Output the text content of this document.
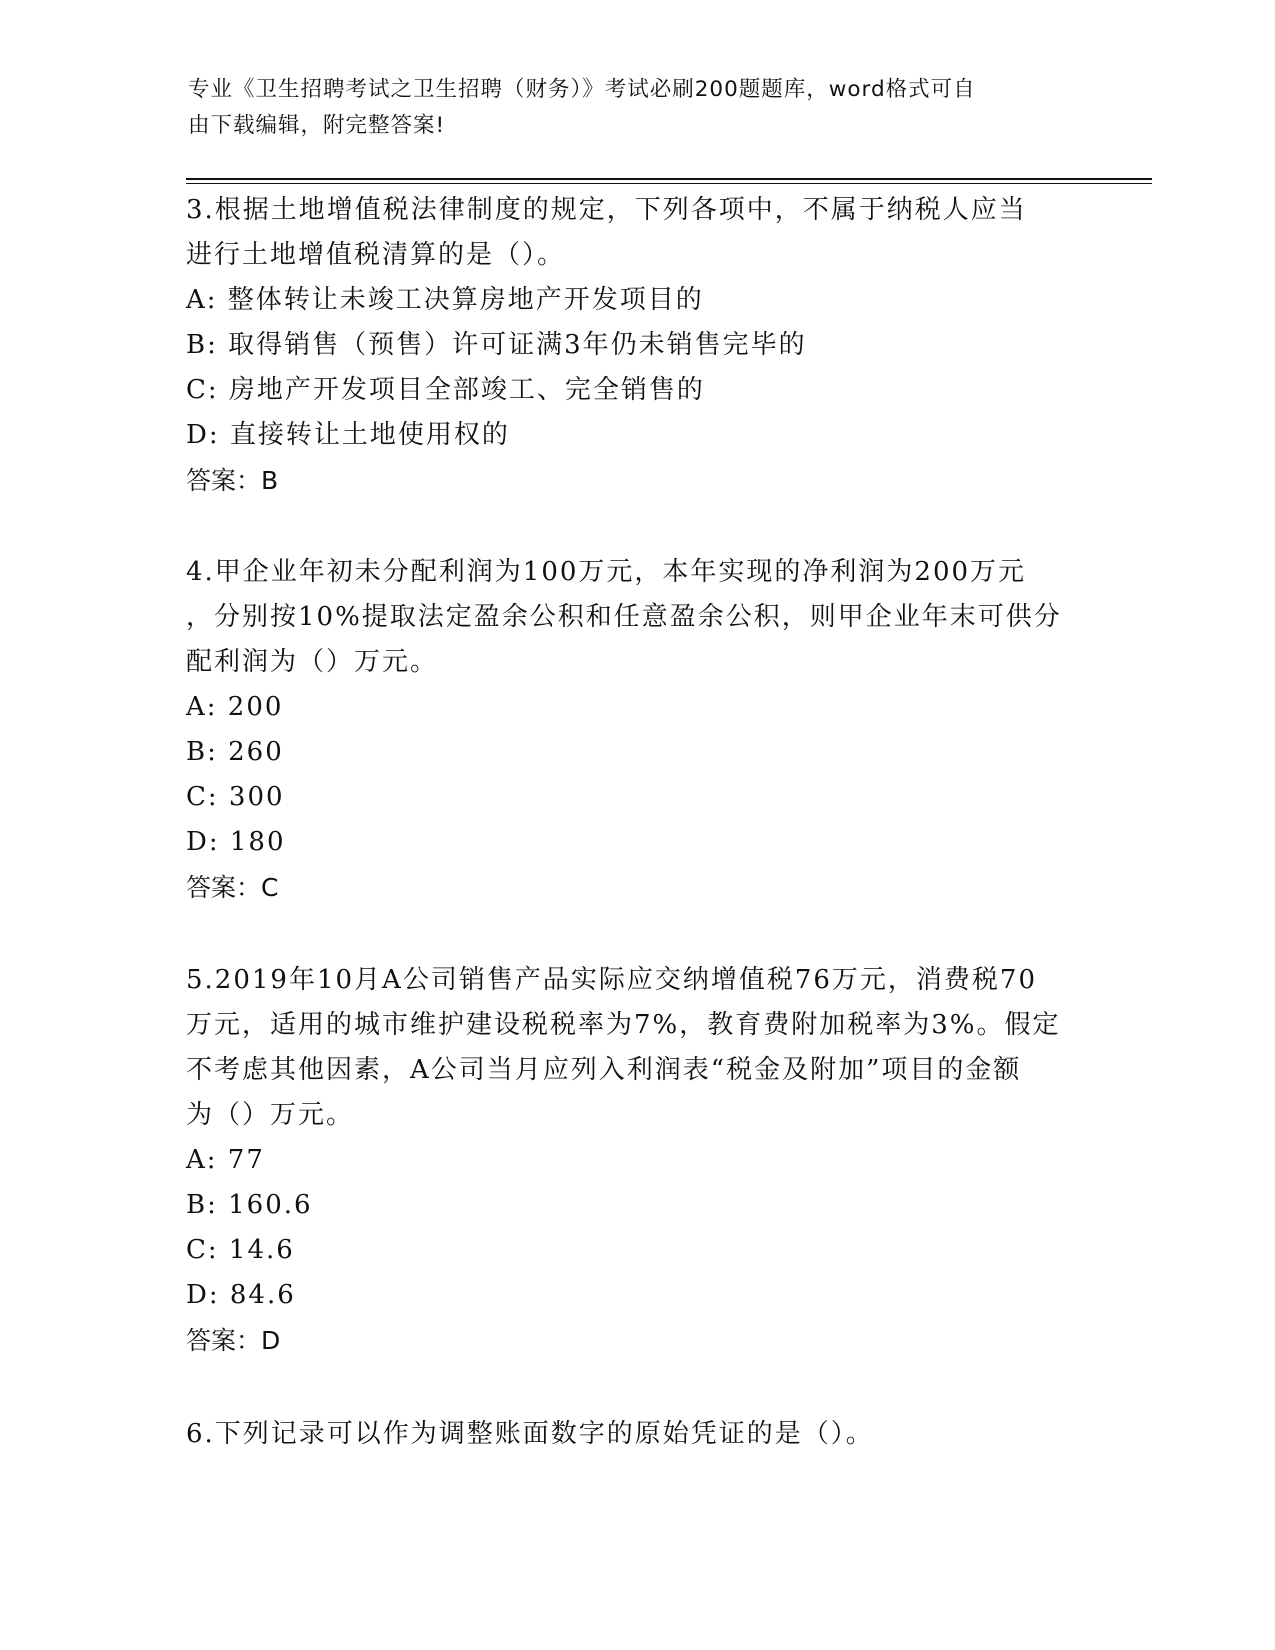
专业《卫生招聘考试之卫生招聘（财务）》考试必刷200题题库，word格式可自
由下载编辑，附完整答案!
3.根据土地增值税法律制度的规定，下列各项中，不属于纳税人应当
进行土地增值税清算的是（）。
A: 整体转让未竣工决算房地产开发项目的
B: 取得销售（预售）许可证满3年仍未销售完毕的
C: 房地产开发项目全部竣工、完全销售的
D: 直接转让土地使用权的
答案：B
4.甲企业年初未分配利润为100万元，本年实现的净利润为200万元
，分别按10%提取法定盈余公积和任意盈余公积，则甲企业年末可供分
配利润为（）万元。
A: 200
B: 260
C: 300
D: 180
答案：C
5.2019年10月A公司销售产品实际应交纳增值税76万元，消费税70
万元，适用的城市维护建设税税率为7%，教育费附加税率为3%。假定
不考虑其他因素，A公司当月应列入利润表“税金及附加”项目的金额
为（）万元。
A: 77
B: 160.6
C: 14.6
D: 84.6
答案：D
6.下列记录可以作为调整账面数字的原始凭证的是（）。
